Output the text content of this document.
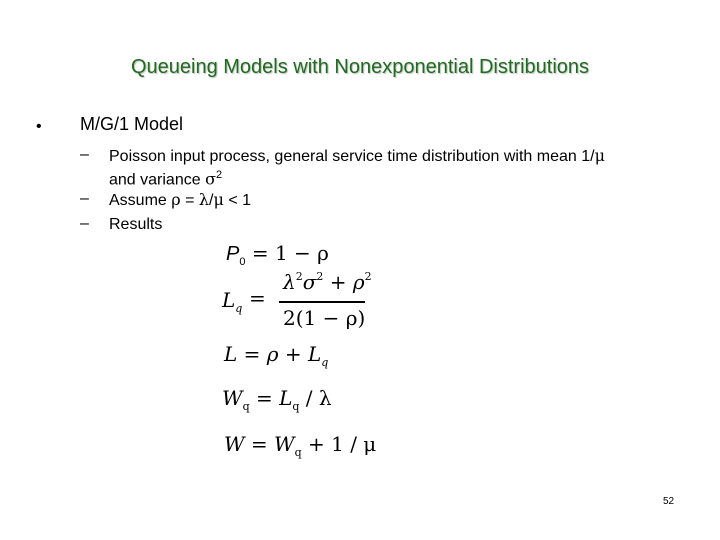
Queueing Models with Nonexponential Distributions
• M/G/1 Model
– Poisson input process, general service time distribution with mean 1/μ
and variance $\sigma^2$
– Assume ρ = λ/μ < 1
– Results
$P_0 = 1 - \rho$
$L_q$ =
$\lambda^2\sigma^2 + \rho^2$
2(1 − ρ)
$L = \rho + L_q$
$W_q = L_q / \lambda$
$W = W_q + 1 / \mu$
52
